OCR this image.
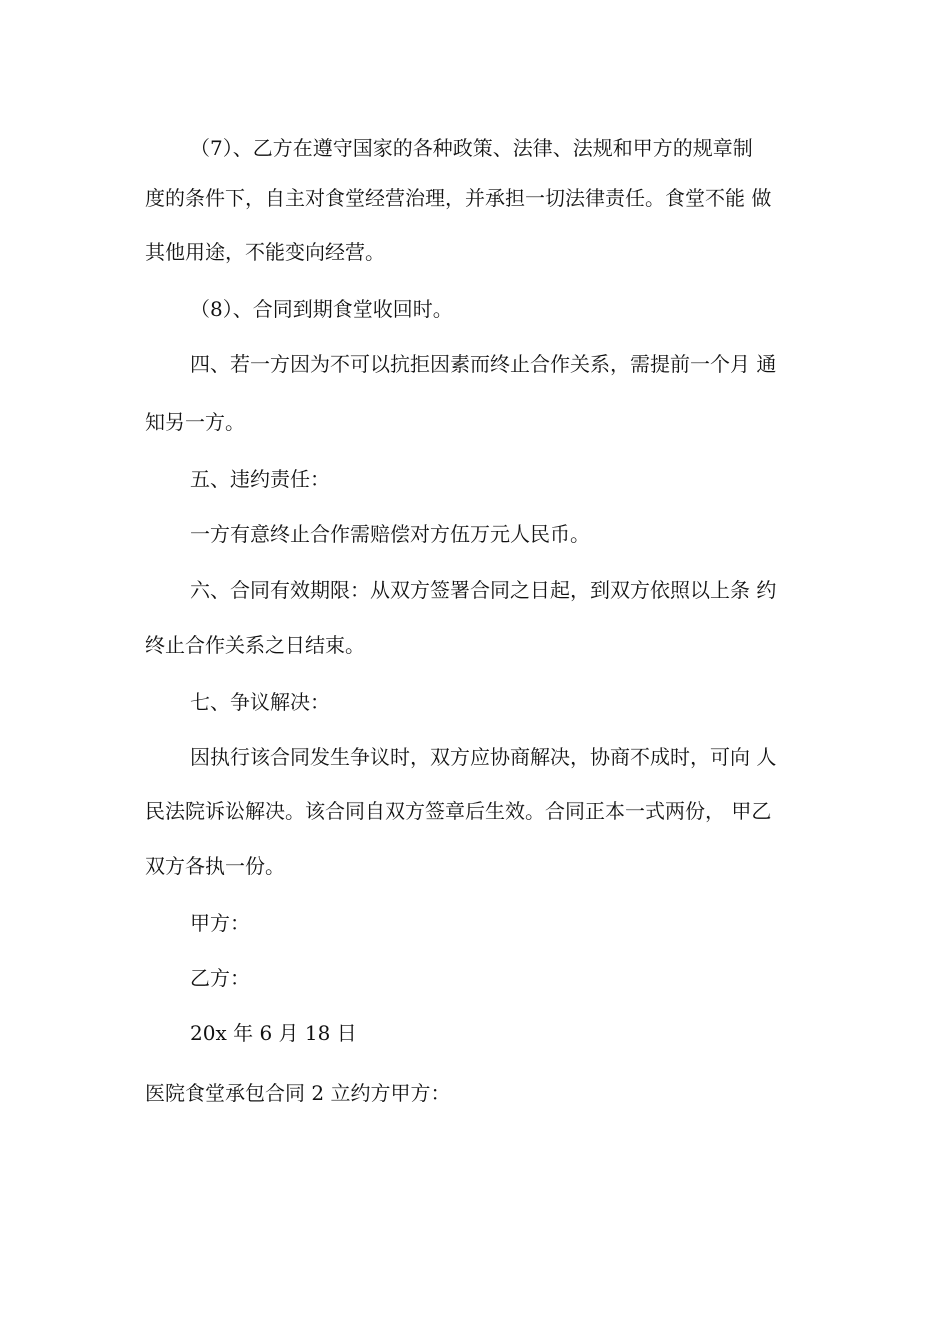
（7）、乙方在遵守国家的各种政策、法律、法规和甲方的规章制
度的条件下，自主对食堂经营治理，并承担一切法律责任。食堂不能 做
其他用途，不能变向经营。
（8）、合同到期食堂收回时。
四、若一方因为不可以抗拒因素而终止合作关系，需提前一个月 通
知另一方。
五、违约责任：
一方有意终止合作需赔偿对方伍万元人民币。
六、合同有效期限：从双方签署合同之日起，到双方依照以上条 约
终止合作关系之日结束。
七、争议解决：
因执行该合同发生争议时，双方应协商解决，协商不成时，可向 人
民法院诉讼解决。该合同自双方签章后生效。合同正本一式两份， 甲乙
双方各执一份。
甲方：
乙方：
20x 年 6 月 18 日
医院食堂承包合同 2 立约方甲方：
